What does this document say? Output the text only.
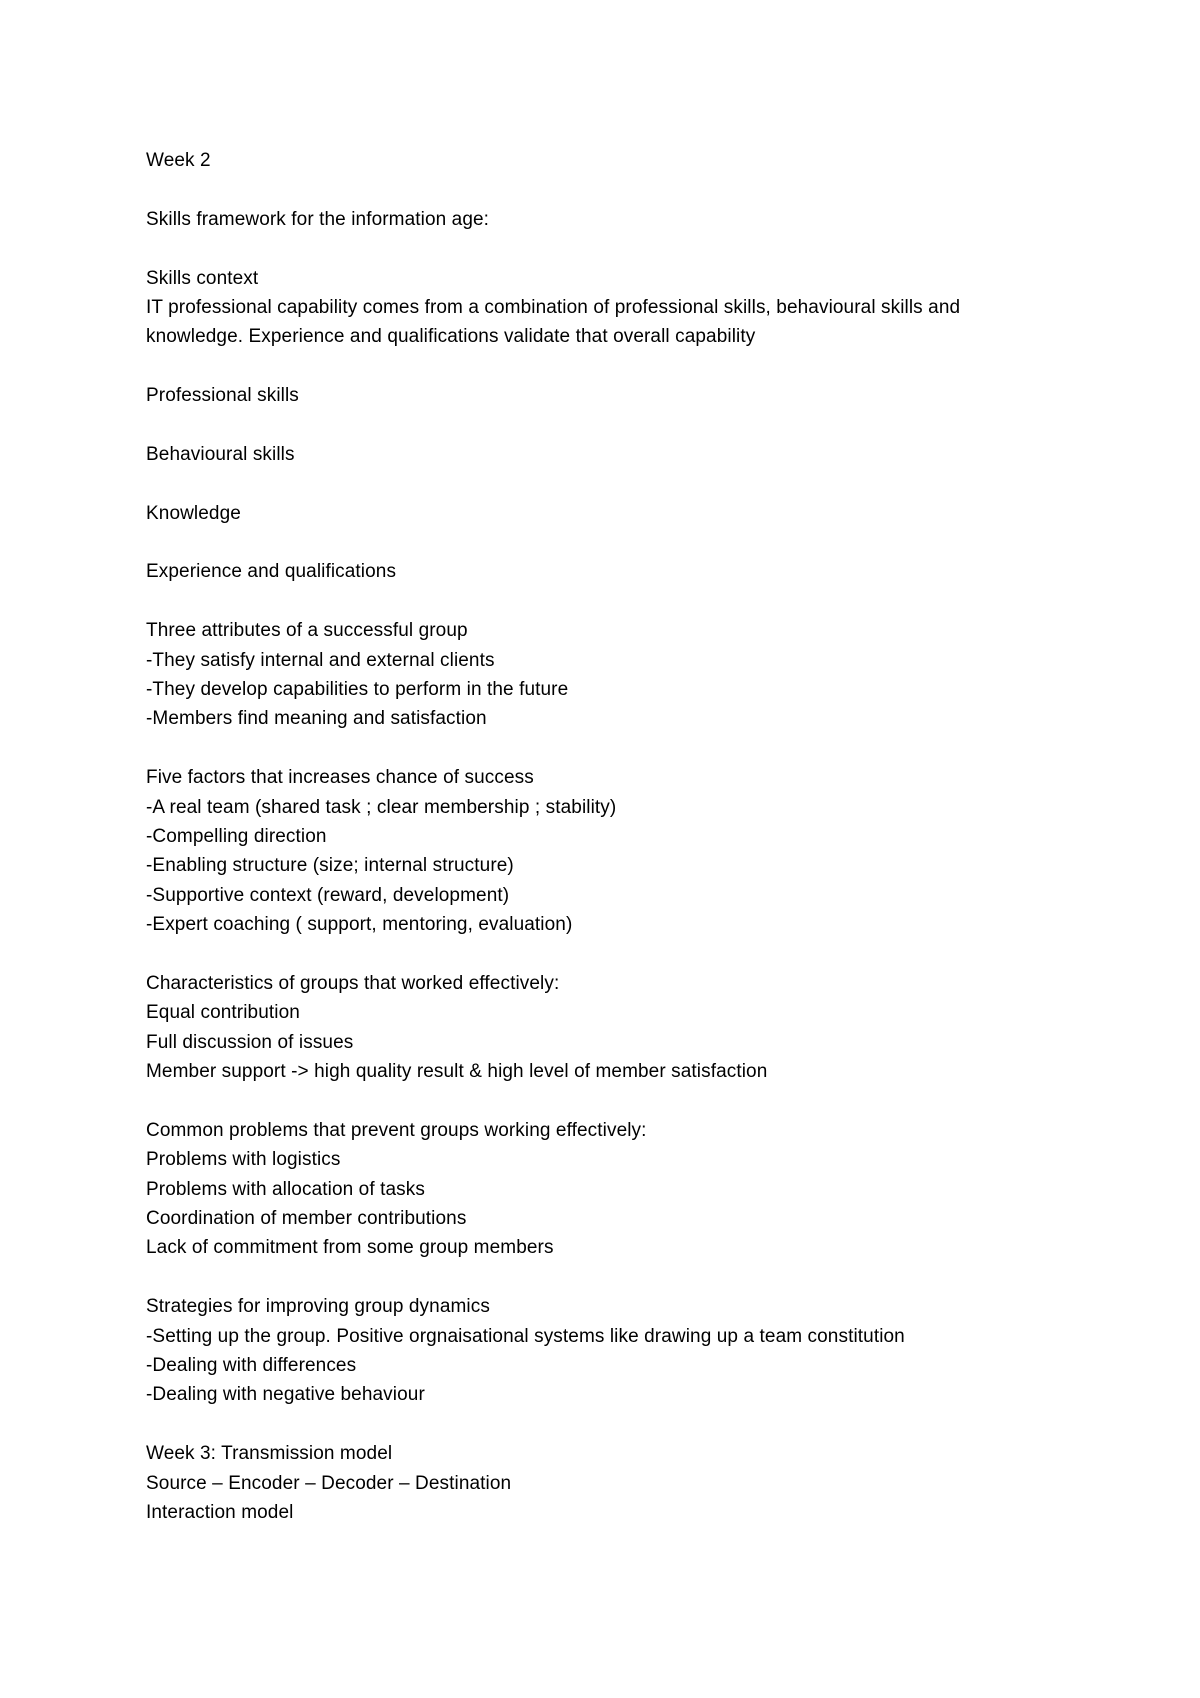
Week 2
Skills framework for the information age:
Skills context
IT professional capability comes from a combination of professional skills, behavioural skills and
knowledge. Experience and qualifications validate that overall capability
Professional skills
Behavioural skills
Knowledge
Experience and qualifications
Three attributes of a successful group
-They satisfy internal and external clients
-They develop capabilities to perform in the future
-Members find meaning and satisfaction
Five factors that increases chance of success
-A real team (shared task ; clear membership ; stability)
-Compelling direction
-Enabling structure (size; internal structure)
-Supportive context (reward, development)
-Expert coaching ( support, mentoring, evaluation)
Characteristics of groups that worked effectively:
Equal contribution
Full discussion of issues
Member support -> high quality result & high level of member satisfaction
Common problems that prevent groups working effectively:
Problems with logistics
Problems with allocation of tasks
Coordination of member contributions
Lack of commitment from some group members
Strategies for improving group dynamics
-Setting up the group. Positive orgnaisational systems like drawing up a team constitution
-Dealing with differences
-Dealing with negative behaviour
Week 3: Transmission model
Source – Encoder – Decoder – Destination
Interaction model
